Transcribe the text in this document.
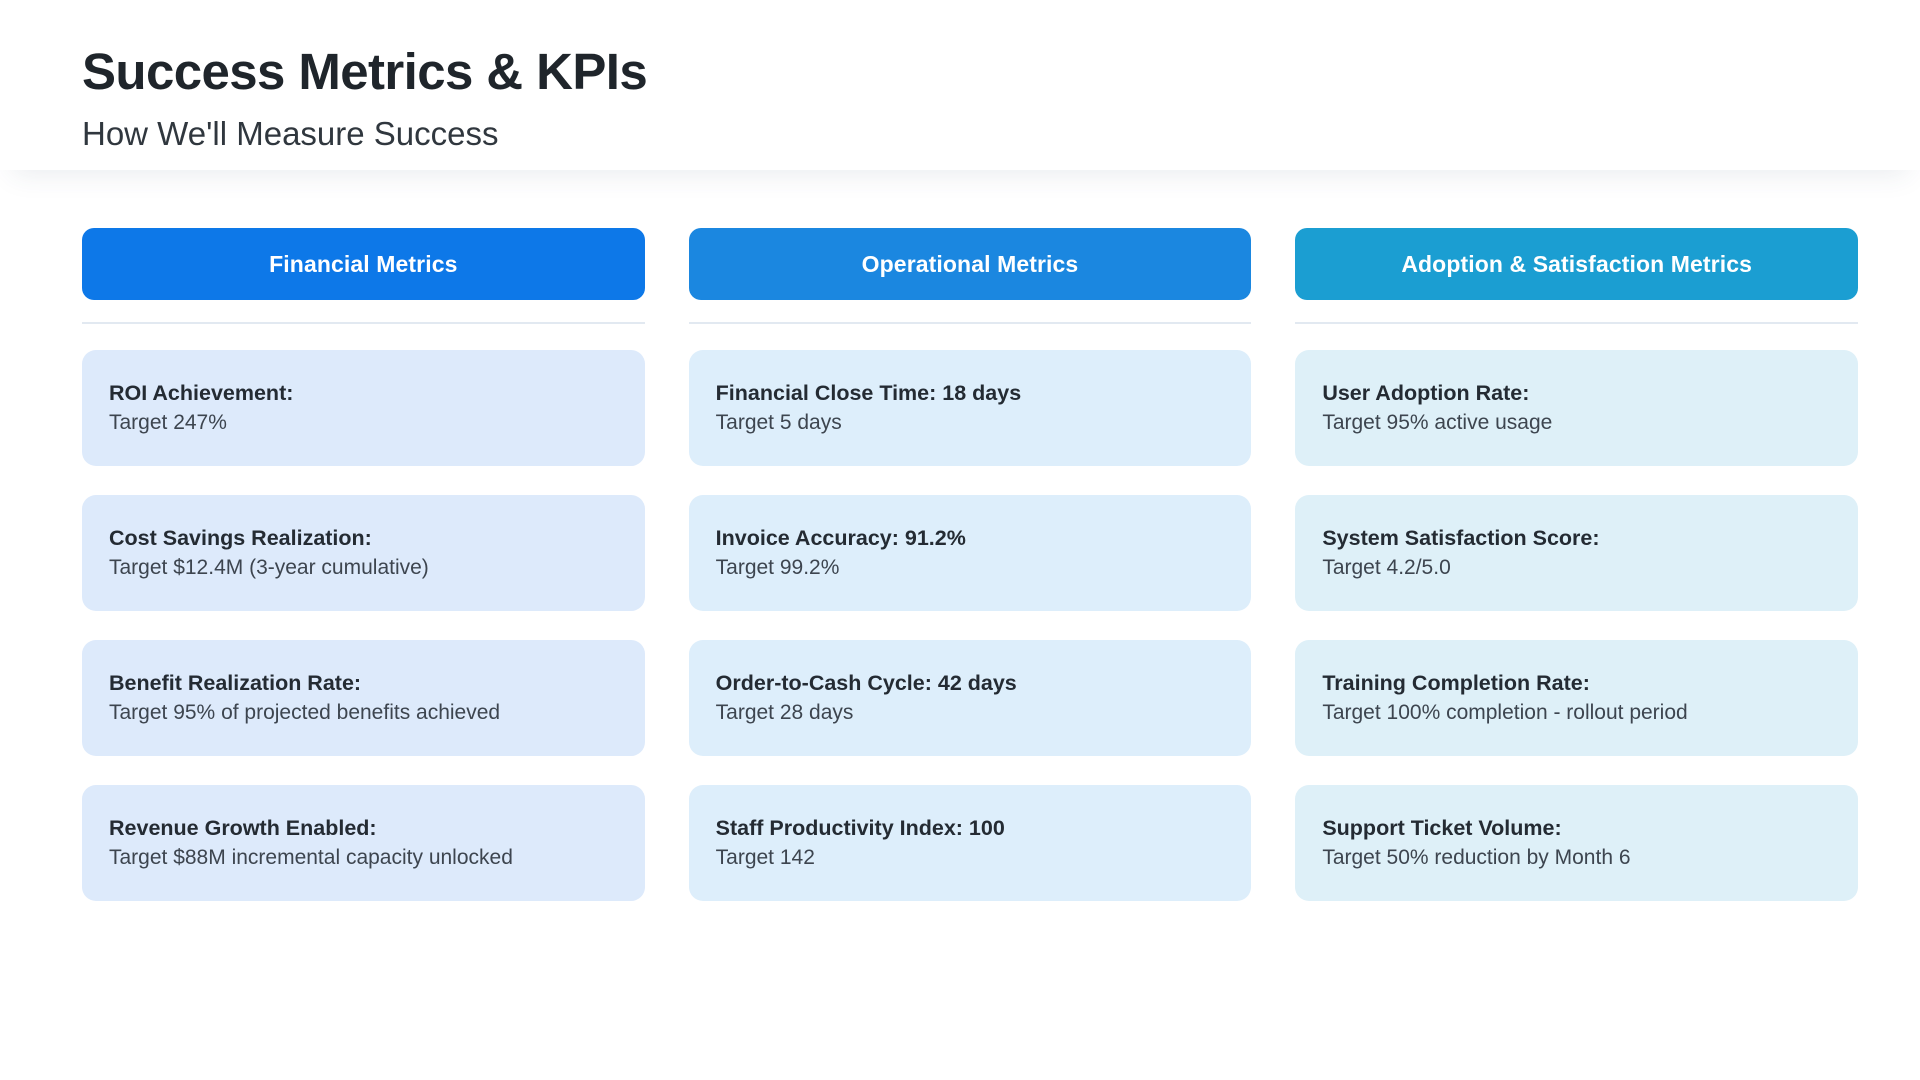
Success Metrics & KPIs

How We'll Measure Success

Financial Metrics
ROI Achievement:
Target 247%
Cost Savings Realization:
Target $12.4M (3-year cumulative)
Benefit Realization Rate:
Target 95% of projected benefits achieved
Revenue Growth Enabled:
Target $88M incremental capacity unlocked
Operational Metrics
Financial Close Time: 18 days
Target 5 days
Invoice Accuracy: 91.2%
Target 99.2%
Order-to-Cash Cycle: 42 days
Target 28 days
Staff Productivity Index: 100
Target 142
Adoption & Satisfaction Metrics
User Adoption Rate:
Target 95% active usage
System Satisfaction Score:
Target 4.2/5.0
Training Completion Rate:
Target 100% completion - rollout period
Support Ticket Volume:
Target 50% reduction by Month 6
